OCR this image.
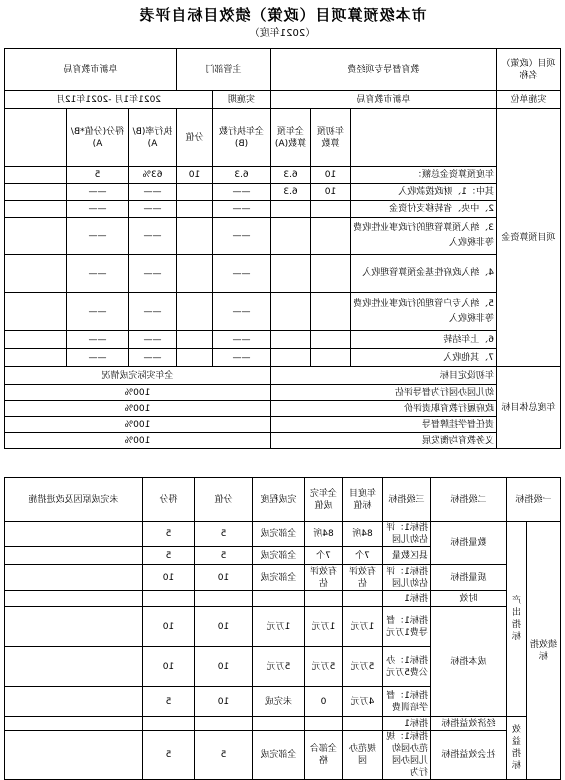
市本级预算项目（政策）绩效目标自评表
（2021年度）
项目（政策）名称	教育督导专项经费			主管部门		阜新市教育局		
实施单位	阜新市教育局			实施期	2021年1月 -2021年12月			
项目预算资金		年初预算数	全年预算数(A)	全年执行数(B)	分值	执行率(B/A)	得分(分值*B/A)	
	年度预算资金总额：	10	6.3	6.3	10	63%	5	
	其中：1、财政拨款收入	10	6.3	——		——	——	
	2、中央、省转移支付资金			——		——	——	
	3、纳入预算管理的行政事业性收费等非税收入			——		——	——	
	4、纳入政府性基金预算管理收入			——		——	——	
	5、纳入专户管理的行政事业性收费等非税收入			——		——	——	
	6、上年结转			——		——	——	
	7、其他收入			——		——	——	
年度总体目标	年初设定目标			全年实际完成情况				
	幼儿园办园行为督导评估			100%				
	政府履行教育职责评价			100%				
	责任督学挂牌督导			100%				
	义务教育均衡发展			100%				
一级指标		二级指标	三级指标	年度目标值	全年完成值	完成程度	分值	得分	未完成原因及改进措施
绩效指标	产出指标	数量指标	指标1：评估幼儿园	84所	84所	全部完成	5	5	
			县区数量	7个	7个	全部完成	5	5	
		质量指标	指标1：评估幼儿园	有效评估	有效评估	全部完成	10	10	
		时效	指标1						
		成本指标	指标1：督导费1万元	1万元	1万元	1万元	10	10	
			指标1：办公费5万元	5万元	5万元	5万元	10	10	
			指标1：督学培训费	4万元	0	未完成	10	5	
	效益指标	经济效益指标	指标1						
		社会效益指标	指标1：规范办园幼儿园办园行为	规范办园	全部合格	全部完成	5	5	
